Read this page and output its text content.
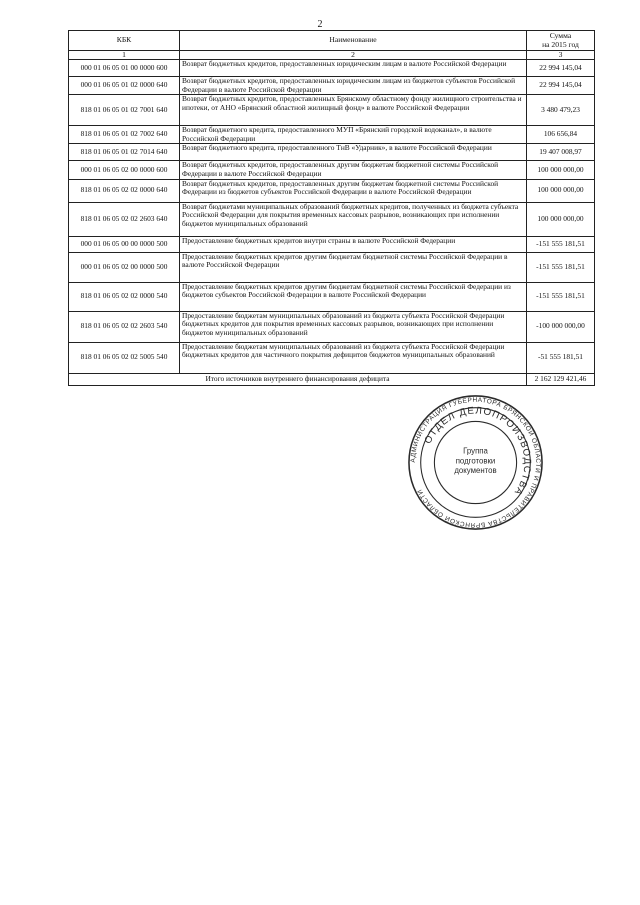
2
КБК	Наименование	Сумма
на 2015 год
1	2	3
000 01 06 05 01 00 0000 600	Возврат бюджетных кредитов, предоставленных юридическим лицам в валюте Российской Федерации	22 994 145,04
000 01 06 05 01 02 0000 640	Возврат бюджетных кредитов, предоставленных юридическим лицам из бюджетов субъектов Российской Федерации в валюте Российской Федерации	22 994 145,04
818 01 06 05 01 02 7001 640	Возврат бюджетных кредитов, предоставленных Брянскому областному фонду жилищного строительства и ипотеки, от АНО «Брянский областной жилищный фонд» в валюте Российской Федерации	3 480 479,23
818 01 06 05 01 02 7002 640	Возврат бюджетного кредита, предоставленного МУП «Брянский городской водоканал», в валюте Российской Федерации	106 656,84
818 01 06 05 01 02 7014 640	Возврат бюджетного кредита, предоставленного ТнВ «Ударник», в валюте Российской Федерации	19 407 008,97
000 01 06 05 02 00 0000 600	Возврат бюджетных кредитов, предоставленных другим бюджетам бюджетной системы Российской Федерации в валюте Российской Федерации	100 000 000,00
818 01 06 05 02 02 0000 640	Возврат бюджетных кредитов, предоставленных другим бюджетам бюджетной системы Российской Федерации из бюджетов субъектов Российской Федерации в валюте Российской Федерации	100 000 000,00
818 01 06 05 02 02 2603 640	Возврат бюджетами муниципальных образований бюджетных кредитов, полученных из бюджета субъекта Российской Федерации для покрытия временных кассовых разрывов, возникающих при исполнении бюджетов муниципальных образований	100 000 000,00
000 01 06 05 00 00 0000 500	Предоставление бюджетных кредитов внутри страны в валюте Российской Федерации	-151 555 181,51
000 01 06 05 02 00 0000 500	Предоставление бюджетных кредитов другим бюджетам бюджетной системы Российской Федерации в валюте Российской Федерации	-151 555 181,51
818 01 06 05 02 02 0000 540	Предоставление бюджетных кредитов другим бюджетам бюджетной системы Российской Федерации из бюджетов субъектов Российской Федерации в валюте Российской Федерации	-151 555 181,51
818 01 06 05 02 02 2603 540	Предоставление бюджетам муниципальных образований из бюджета субъекта Российской Федерации бюджетных кредитов для покрытия временных кассовых разрывов, возникающих при исполнении бюджетов муниципальных образований	-100 000 000,00
818 01 06 05 02 02 5005 540	Предоставление бюджетам муниципальных образований из бюджета субъекта Российской Федерации бюджетных кредитов для частичного покрытия дефицитов бюджетов муниципальных образований	-51 555 181,51
Итого источников внутреннего финансирования дефицита		2 162 129 421,46
АДМИНИСТРАЦИЯ ГУБЕРНАТОРА БРЯНСКОЙ ОБЛАСТИ И ПРАВИТЕЛЬСТВА БРЯНСКОЙ ОБЛАСТИ
ОТДЕЛ ДЕЛОПРОИЗВОДСТВА
Группа
подготовки
документов
